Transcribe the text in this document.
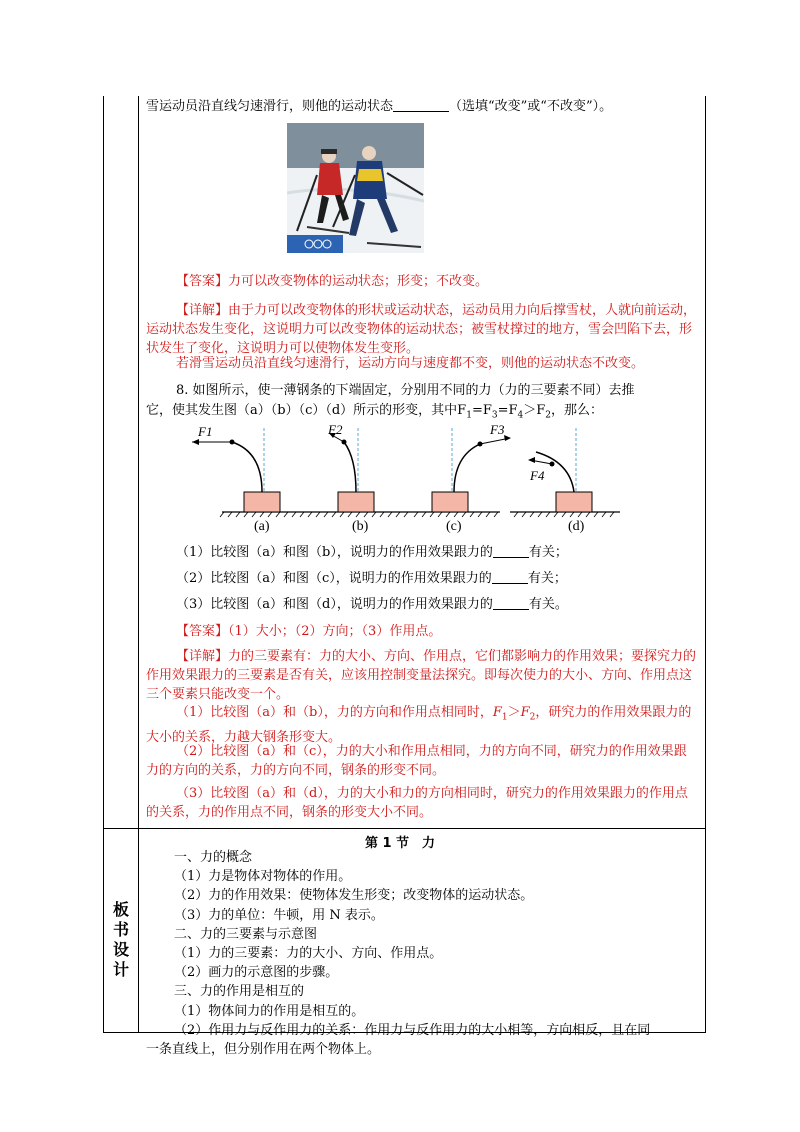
雪运动员沿直线匀速滑行，则他的运动状态	（选填“改变”或“不改变”）。

【答案】力可以改变物体的运动状态；形变；不改变。

【详解】由于力可以改变物体的形状或运动状态，运动员用力向后撑雪杖，人就向前运动，运动状态发生变化，这说明力可以改变物体的运动状态；被雪杖撑过的地方，雪会凹陷下去，形状发生了变化，这说明力可以使物体发生变形。

若滑雪运动员沿直线匀速滑行，运动方向与速度都不变，则他的运动状态不改变。

8. 如图所示，使一薄钢条的下端固定，分别用不同的力（力的三要素不同）去推

它，使其发生图（a）（b）（c）（d）所示的形变，其中$F_1=F_3=F_4>F_2$，那么：

F1
(a)
F2
(b)
F3
(c)
F4
(d)

（1）比较图（a）和图（b），说明力的作用效果跟力的	有关；

（2）比较图（a）和图（c），说明力的作用效果跟力的	有关；

（3）比较图（a）和图（d），说明力的作用效果跟力的	有关。

【答案】（1）大小；（2）方向；（3）作用点。

【详解】力的三要素有：力的大小、方向、作用点，它们都影响力的作用效果；要探究力的作用效果跟力的三要素是否有关，应该用控制变量法探究。即每次使力的大小、方向、作用点这三个要素只能改变一个。

（1）比较图（a）和（b），力的方向和作用点相同时，$F_1>F_2$，研究力的作用效果跟力的大小的关系，力越大钢条形变大。

（2）比较图（a）和（c），力的大小和作用点相同，力的方向不同，研究力的作用效果跟力的方向的关系，力的方向不同，钢条的形变不同。

（3）比较图（a）和（d），力的大小和力的方向相同时，研究力的作用效果跟力的作用点的关系，力的作用点不同，钢条的形变大小不同。

板
书
设
计
第 1 节　力
一、力的概念
（1）力是物体对物体的作用。
（2）力的作用效果：使物体发生形变；改变物体的运动状态。
（3）力的单位：牛顿，用 N 表示。
二、力的三要素与示意图
（1）力的三要素：力的大小、方向、作用点。
（2）画力的示意图的步骤。
三、力的作用是相互的
（1）物体间力的作用是相互的。
（2）作用力与反作用力的关系：作用力与反作用力的大小相等，方向相反，且在同
一条直线上，但分别作用在两个物体上。
